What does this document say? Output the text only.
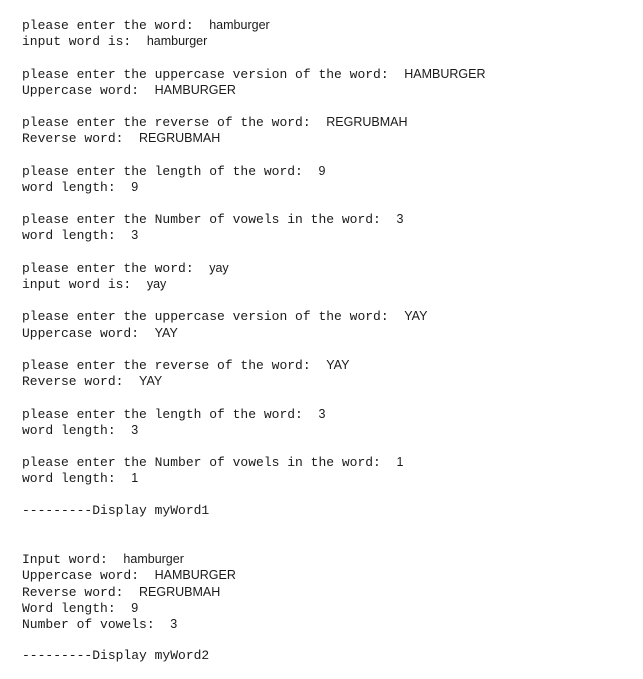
please enter the word:  hamburger
input word is:  hamburger
please enter the uppercase version of the word:  HAMBURGER
Uppercase word:  HAMBURGER
please enter the reverse of the word:  REGRUBMAH
Reverse word:  REGRUBMAH
please enter the length of the word:  9
word length:  9
please enter the Number of vowels in the word:  3
word length:  3
please enter the word:  yay
input word is:  yay
please enter the uppercase version of the word:  YAY
Uppercase word:  YAY
please enter the reverse of the word:  YAY
Reverse word:  YAY
please enter the length of the word:  3
word length:  3
please enter the Number of vowels in the word:  1
word length:  1
---------Display myWord1
Input word:  hamburger
Uppercase word:  HAMBURGER
Reverse word:  REGRUBMAH
Word length:  9
Number of vowels:  3
---------Display myWord2
